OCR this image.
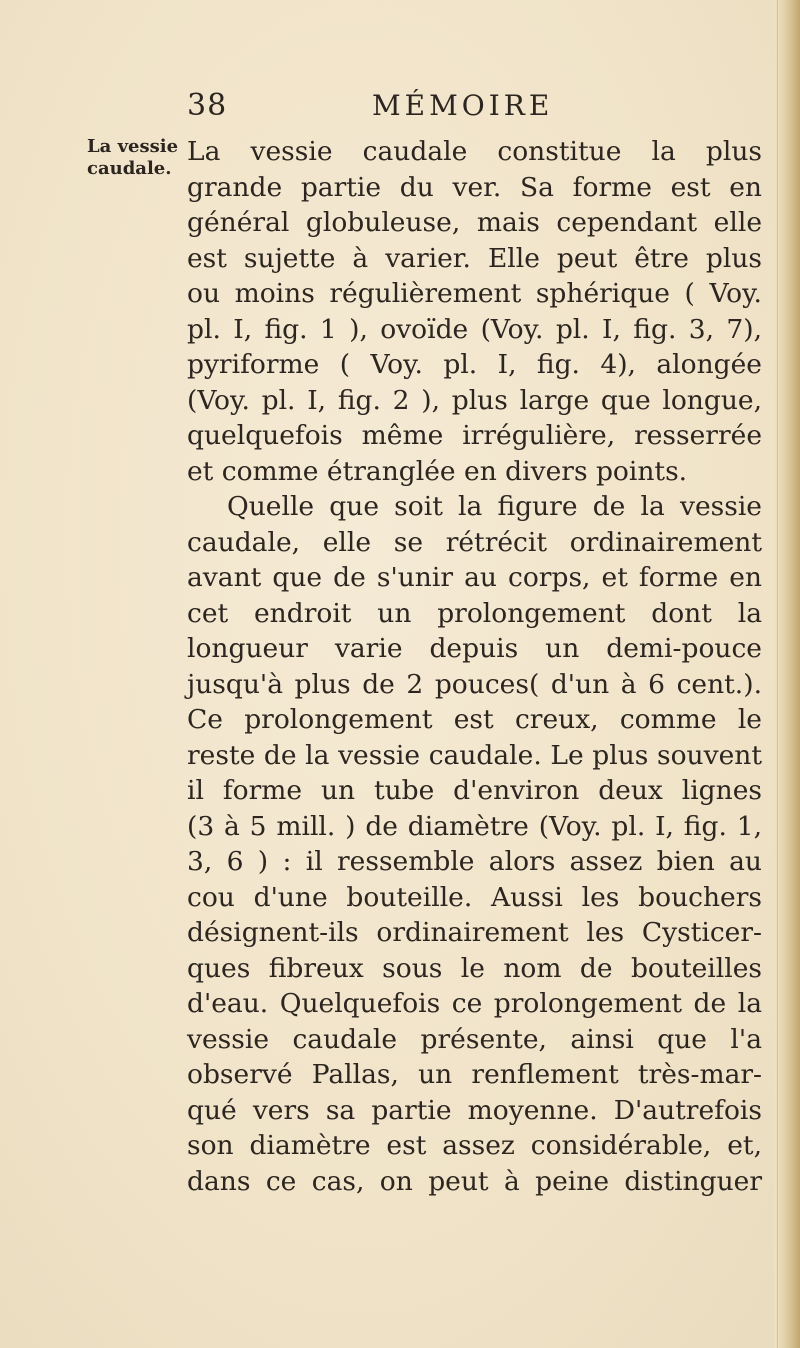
38	MÉMOIRE
La vessie
caudale.
La vessie caudale constitue la plus
grande partie du ver. Sa forme est en
général globuleuse, mais cependant elle
est sujette à varier. Elle peut être plus
ou moins régulièrement sphérique ( Voy.
pl. I, fig. 1 ), ovoïde (Voy. pl. I, fig. 3, 7),
pyriforme ( Voy. pl. I, fig. 4), alongée
(Voy. pl. I, fig. 2 ), plus large que longue,
quelquefois même irrégulière, resserrée
et comme étranglée en divers points.
Quelle que soit la figure de la vessie
caudale, elle se rétrécit ordinairement
avant que de s'unir au corps, et forme en
cet endroit un prolongement dont la
longueur varie depuis un demi-pouce
jusqu'à plus de 2 pouces( d'un à 6 cent.).
Ce prolongement est creux, comme le
reste de la vessie caudale. Le plus souvent
il forme un tube d'environ deux lignes
(3 à 5 mill. ) de diamètre (Voy. pl. I, fig. 1,
3, 6 ) : il ressemble alors assez bien au
cou d'une bouteille. Aussi les bouchers
désignent-ils ordinairement les Cysticer-
ques fibreux sous le nom de bouteilles
d'eau. Quelquefois ce prolongement de la
vessie caudale présente, ainsi que l'a
observé Pallas, un renflement très-mar-
qué vers sa partie moyenne. D'autrefois
son diamètre est assez considérable, et,
dans ce cas, on peut à peine distinguer
